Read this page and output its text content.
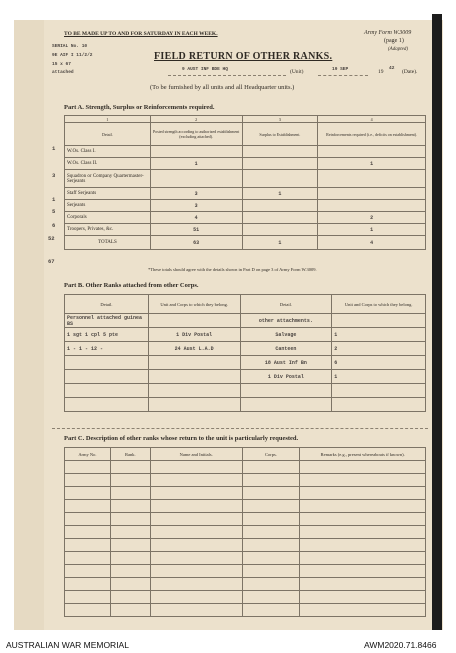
TO BE MADE UP TO AND FOR SATURDAY IN EACH WEEK.	Army Form W.3009
(page 1)
(Adapted)
SERIAL No. 10
9E AIF I 11/2/2
15 x 67
attached
FIELD RETURN OF OTHER RANKS.
9 AUST INF BDE HQ	(Unit)	19 SEP	19
42
(Date).
(To be furnished by all units and all Headquarter units.)
Part A. Strength, Surplus or Reinforcements required.
1
3
1
5
6
52
67
1	2	3	4
Detail.	Posted strength according to authorized establishment (excluding attached).	Surplus to Establishment.	Reinforcements required (i.e., deficits on establishment).
W.Os. Class I.			
W.Os. Class II.	1		1
Squadron or Company Quartermaster-Serjeants			
Staff Serjeants	3	1	
Serjeants	3		
Corporals	4		2
Troopers, Privates, &c.	51		1
TOTALS	63	1	4
*These totals should agree with the details shown in Part D on page 3 of Army Form W.3009.
Part B. Other Ranks attached from other Corps.
Detail.	Unit and Corps to which they belong.	Detail.	Unit and Corps to which they belong.
Personnel attached guinea BS		other attachments.	
1 sgt 1 cpl 5 pte	1 Div Postal	Salvage	1
1 - 1 - 12 -	24 Aust L.A.D	Canteen	2
		18 Aust Inf Bn	6
		1 Div Postal	1

Part C. Description of other ranks whose return to the unit is particularly requested.
Army No.	Rank.	Name and Initials.	Corps.	Remarks (e.g., present whereabouts if known).

AUSTRALIAN WAR MEMORIAL	AWM2020.71.8466
